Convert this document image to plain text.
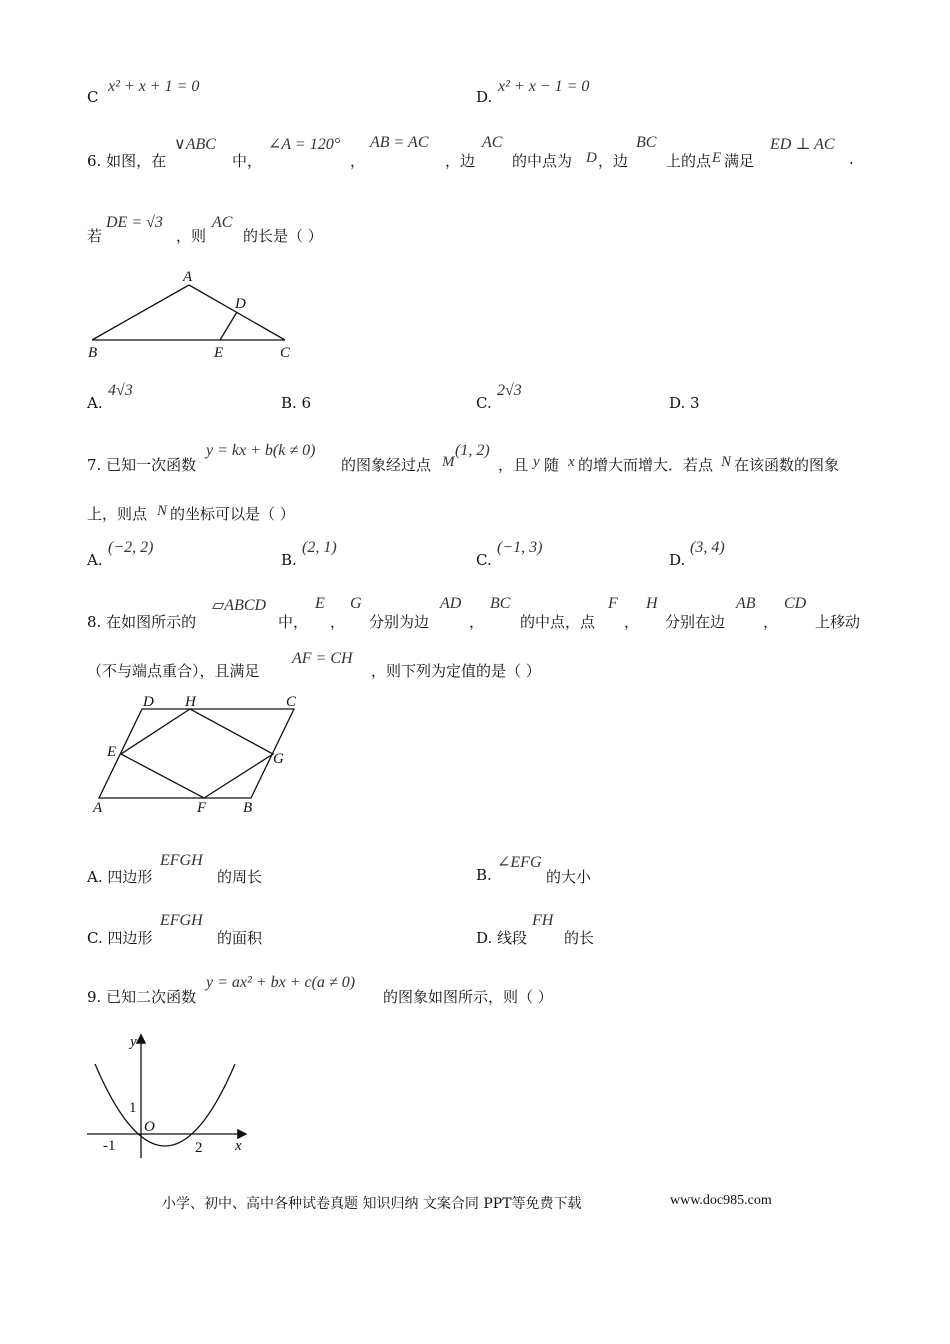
C
x² + x + 1 = 0
D.
x² + x − 1 = 0
6. 如图，在
∨ABC
中，
∠A = 120°
，
AB = AC
，边
AC
的中点为 D ，边
BC
上的点 E 满足
ED ⊥ AC
.
若
DE = √3
，则
AC
的长是（ ）
A
B	C
D
E
A.
4√3
B. 6	C.
2√3
D. 3
7. 已知一次函数
y = kx + b(k ≠ 0)
的图象经过点 M
(1, 2)
，且 y 随 x 的增大而增大．若点 N 在该函数的图象
上，则点 N 的坐标可以是（ ）
A.
(−2, 2)
B.
(2, 1)
C.
(−1, 3)
D.
(3, 4)
8. 在如图所示的
▱ABCD
中，
E
，
G
分别为边
AD
，
BC
的中点，点
F
，
H
分别在边
AB
，
CD
上移动
（不与端点重合），且满足
AF = CH
，则下列为定值的是（ ）
D H	C
E	G
A	F B
A. 四边形
EFGH
的周长	B.
∠EFG
的大小
C. 四边形
EFGH
的面积	D. 线段
FH
的长
9. 已知二次函数
y = ax² + bx + c(a ≠ 0)
的图象如图所示，则（ ）
y
x
1
O
-1	2
小学、初中、高中各种试卷真题 知识归纳 文案合同 PPT等免费下载	www.doc985.com
